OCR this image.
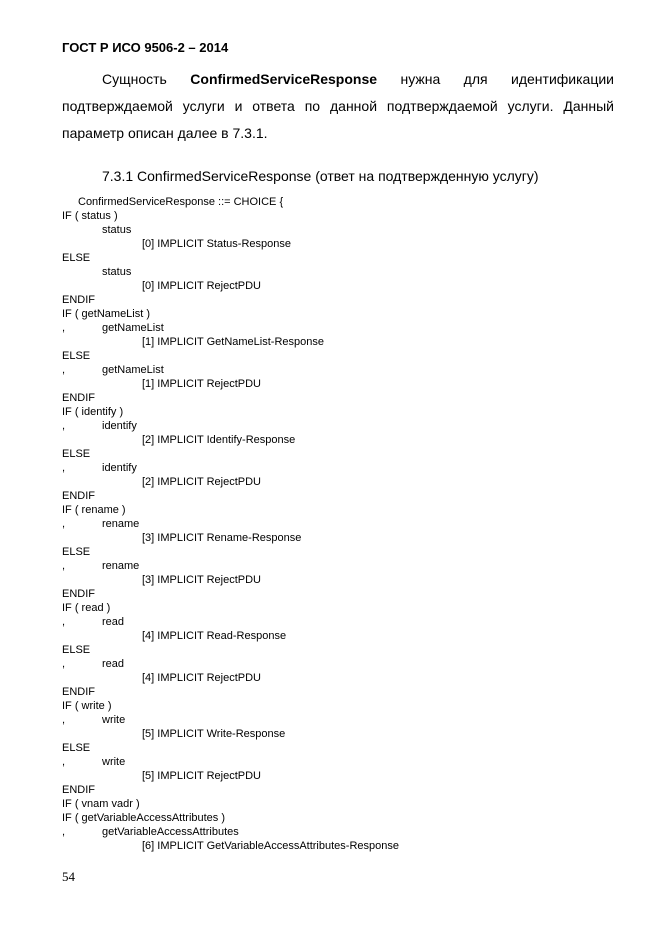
ГОСТ Р ИСО 9506-2 – 2014
Сущность ConfirmedServiceResponse нужна для идентификации
подтверждаемой услуги и ответа по данной подтверждаемой услуги. Данный
параметр описан далее в 7.3.1.
7.3.1 ConfirmedServiceResponse (ответ на подтвержденную услугу)
ConfirmedServiceResponse ::= CHOICE {
IF ( status )
status
[0] IMPLICIT Status-Response
ELSE
status
[0] IMPLICIT RejectPDU
ENDIF
IF ( getNameList )
,	getNameList
[1] IMPLICIT GetNameList-Response
ELSE
,	getNameList
[1] IMPLICIT RejectPDU
ENDIF
IF ( identify )
,	identify
[2] IMPLICIT Identify-Response
ELSE
,	identify
[2] IMPLICIT RejectPDU
ENDIF
IF ( rename )
,	rename
[3] IMPLICIT Rename-Response
ELSE
,	rename
[3] IMPLICIT RejectPDU
ENDIF
IF ( read )
,	read
[4] IMPLICIT Read-Response
ELSE
,	read
[4] IMPLICIT RejectPDU
ENDIF
IF ( write )
,	write
[5] IMPLICIT Write-Response
ELSE
,	write
[5] IMPLICIT RejectPDU
ENDIF
IF ( vnam vadr )
IF ( getVariableAccessAttributes )
,	getVariableAccessAttributes
[6] IMPLICIT GetVariableAccessAttributes-Response
54
